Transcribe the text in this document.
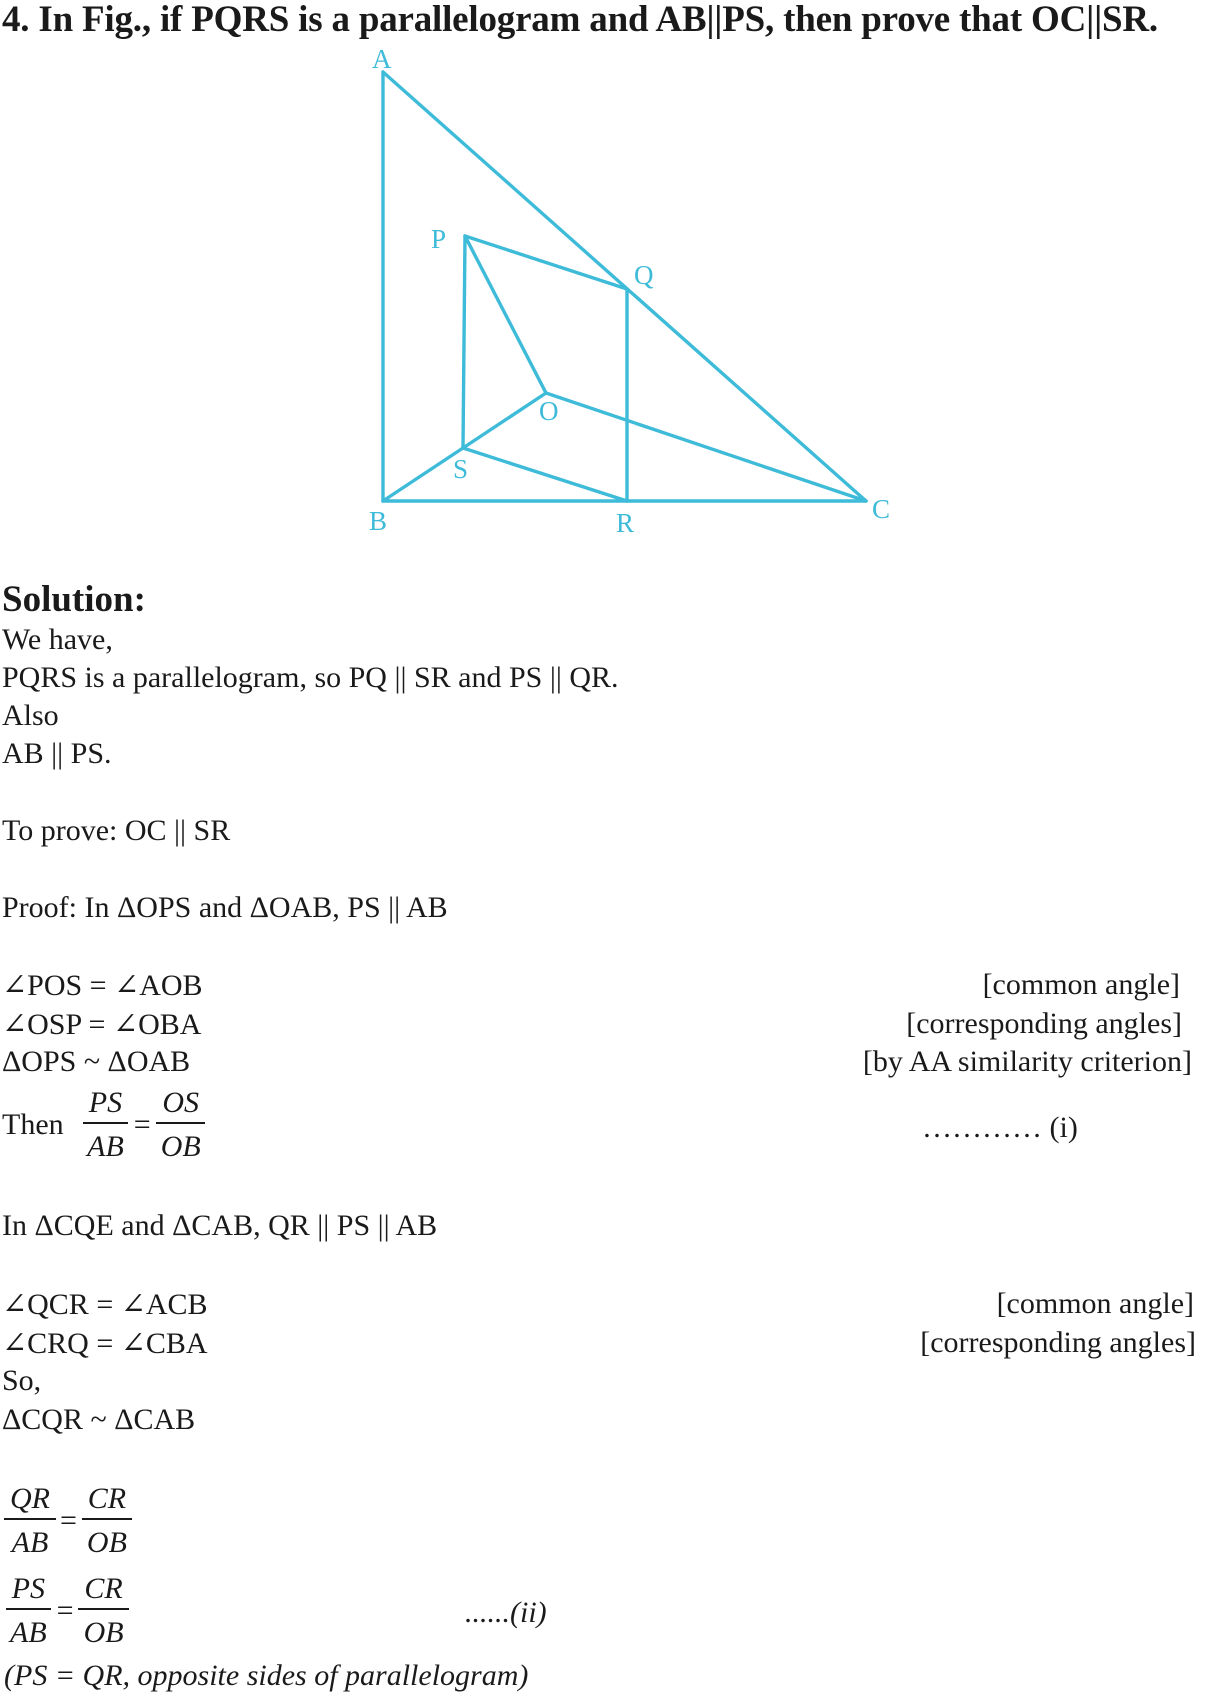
4. In Fig., if PQRS is a parallelogram and AB||PS, then prove that OC||SR.
A
P
Q
O
S
B	R	C
Solution:
We have,
PQRS is a parallelogram, so PQ || SR and PS || QR.
Also
AB || PS.
To prove: OC || SR
Proof: In ΔOPS and ΔOAB, PS || AB
∠POS = ∠AOB	[common angle]
∠OSP = ∠OBA	[corresponding angles]
ΔOPS ~ ΔOAB	[by AA similarity criterion]
Then $\frac{PS}{AB} = \frac{OS}{OB}$	………… (i)
In ΔCQE and ΔCAB, QR || PS || AB
∠QCR = ∠ACB	[common angle]
∠CRQ = ∠CBA	[corresponding angles]
So,
ΔCQR ~ ΔCAB
$\frac{QR}{AB} = \frac{CR}{OB}$
$\frac{PS}{AB} = \frac{CR}{OB}$	......(ii)
(PS = QR, opposite sides of parallelogram)
